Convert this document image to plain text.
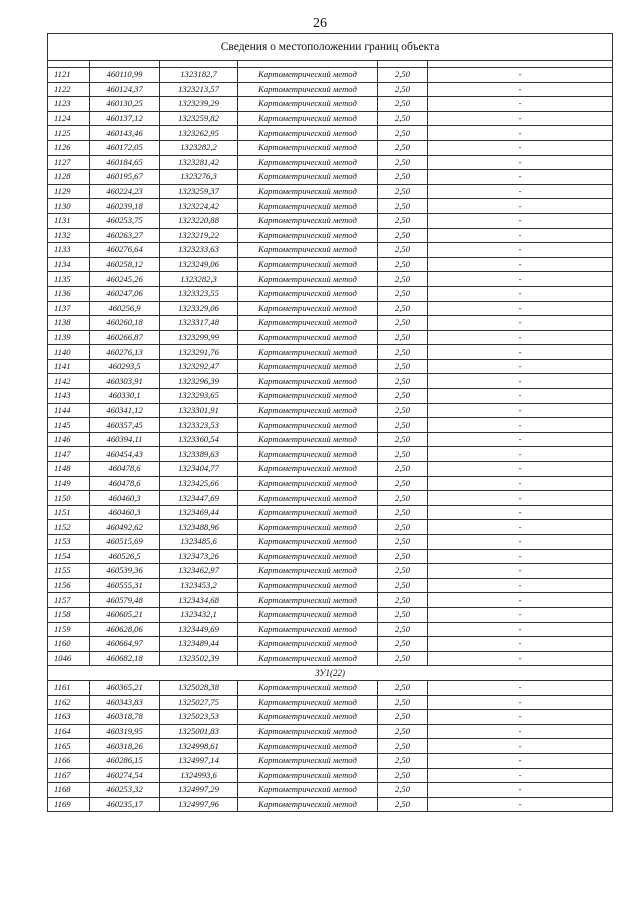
26
Сведения о местоположении границ объекта					

1121	460110,99	1323182,7	Картометрический метод	2,50	-
1122	460124,37	1323213,57	Картометрический метод	2,50	-
1123	460130,25	1323239,29	Картометрический метод	2,50	-
1124	460137,12	1323259,82	Картометрический метод	2,50	-
1125	460143,46	1323262,95	Картометрический метод	2,50	-
1126	460172,05	1323282,2	Картометрический метод	2,50	-
1127	460184,65	1323281,42	Картометрический метод	2,50	-
1128	460195,67	1323276,3	Картометрический метод	2,50	-
1129	460224,23	1323259,37	Картометрический метод	2,50	-
1130	460239,18	1323224,42	Картометрический метод	2,50	-
1131	460253,75	1323220,88	Картометрический метод	2,50	-
1132	460263,27	1323219,22	Картометрический метод	2,50	-
1133	460276,64	1323233,63	Картометрический метод	2,50	-
1134	460258,12	1323249,06	Картометрический метод	2,50	-
1135	460245,26	1323282,3	Картометрический метод	2,50	-
1136	460247,06	1323323,55	Картометрический метод	2,50	-
1137	460256,9	1323329,06	Картометрический метод	2,50	-
1138	460260,18	1323317,48	Картометрический метод	2,50	-
1139	460266,87	1323299,99	Картометрический метод	2,50	-
1140	460276,13	1323291,76	Картометрический метод	2,50	-
1141	460293,5	1323292,47	Картометрический метод	2,50	-
1142	460303,91	1323296,39	Картометрический метод	2,50	-
1143	460330,1	1323293,65	Картометрический метод	2,50	-
1144	460341,12	1323301,91	Картометрический метод	2,50	-
1145	460357,45	1323323,53	Картометрический метод	2,50	-
1146	460394,11	1323360,54	Картометрический метод	2,50	-
1147	460454,43	1323389,63	Картометрический метод	2,50	-
1148	460478,6	1323404,77	Картометрический метод	2,50	-
1149	460478,6	1323425,66	Картометрический метод	2,50	-
1150	460460,3	1323447,69	Картометрический метод	2,50	-
1151	460460,3	1323469,44	Картометрический метод	2,50	-
1152	460492,62	1323488,96	Картометрический метод	2,50	-
1153	460515,69	1323485,6	Картометрический метод	2,50	-
1154	460526,5	1323473,26	Картометрический метод	2,50	-
1155	460539,36	1323462,97	Картометрический метод	2,50	-
1156	460555,31	1323453,2	Картометрический метод	2,50	-
1157	460579,48	1323434,68	Картометрический метод	2,50	-
1158	460605,21	1323432,1	Картометрический метод	2,50	-
1159	460628,06	1323449,69	Картометрический метод	2,50	-
1160	460664,97	1323489,44	Картометрический метод	2,50	-
1046	460682,18	1323502,39	Картометрический метод	2,50	-
ЗУ1(22)					
1161	460365,21	1325028,38	Картометрический метод	2,50	-
1162	460343,83	1325027,75	Картометрический метод	2,50	-
1163	460318,78	1325023,53	Картометрический метод	2,50	-
1164	460319,95	1325001,83	Картометрический метод	2,50	-
1165	460318,26	1324998,61	Картометрический метод	2,50	-
1166	460286,15	1324997,14	Картометрический метод	2,50	-
1167	460274,54	1324993,6	Картометрический метод	2,50	-
1168	460253,32	1324997,29	Картометрический метод	2,50	-
1169	460235,17	1324997,96	Картометрический метод	2,50	-
